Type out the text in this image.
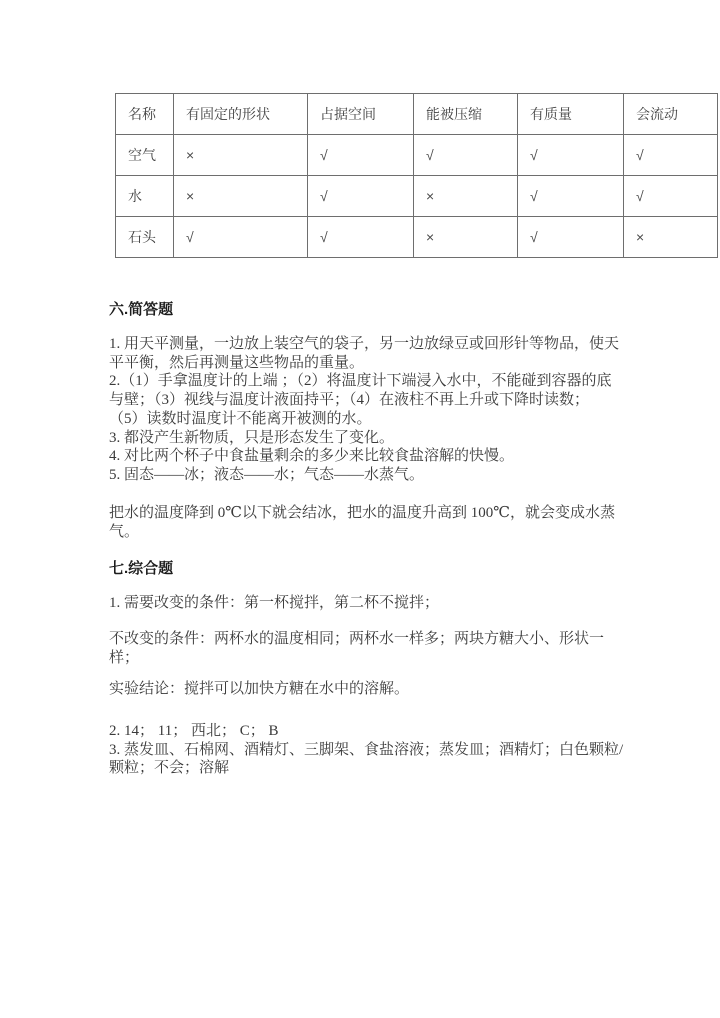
名称	有固定的形状	占据空间	能被压缩	有质量	会流动
空气	×	√	√	√	√
水	×	√	×	√	√
石头	√	√	×	√	×
六.简答题
1. 用天平测量，一边放上装空气的袋子，另一边放绿豆或回形针等物品，使天
平平衡，然后再测量这些物品的重量。
2.（1）手拿温度计的上端 ；（2）将温度计下端浸入水中，不能碰到容器的底
与壁；（3）视线与温度计液面持平；（4）在液柱不再上升或下降时读数；
（5）读数时温度计不能离开被测的水。
3. 都没产生新物质，只是形态发生了变化。
4. 对比两个杯子中食盐量剩余的多少来比较食盐溶解的快慢。
5. 固态——冰；液态——水；气态——水蒸气。
把水的温度降到 0℃以下就会结冰，把水的温度升高到 100℃，就会变成水蒸
气。
七.综合题
1. 需要改变的条件：第一杯搅拌，第二杯不搅拌；
不改变的条件：两杯水的温度相同；两杯水一样多；两块方糖大小、形状一
样；
实验结论：搅拌可以加快方糖在水中的溶解。
2. 14； 11； 西北； C； B
3. 蒸发皿、石棉网、酒精灯、三脚架、食盐溶液；蒸发皿；酒精灯；白色颗粒/
颗粒；不会；溶解
